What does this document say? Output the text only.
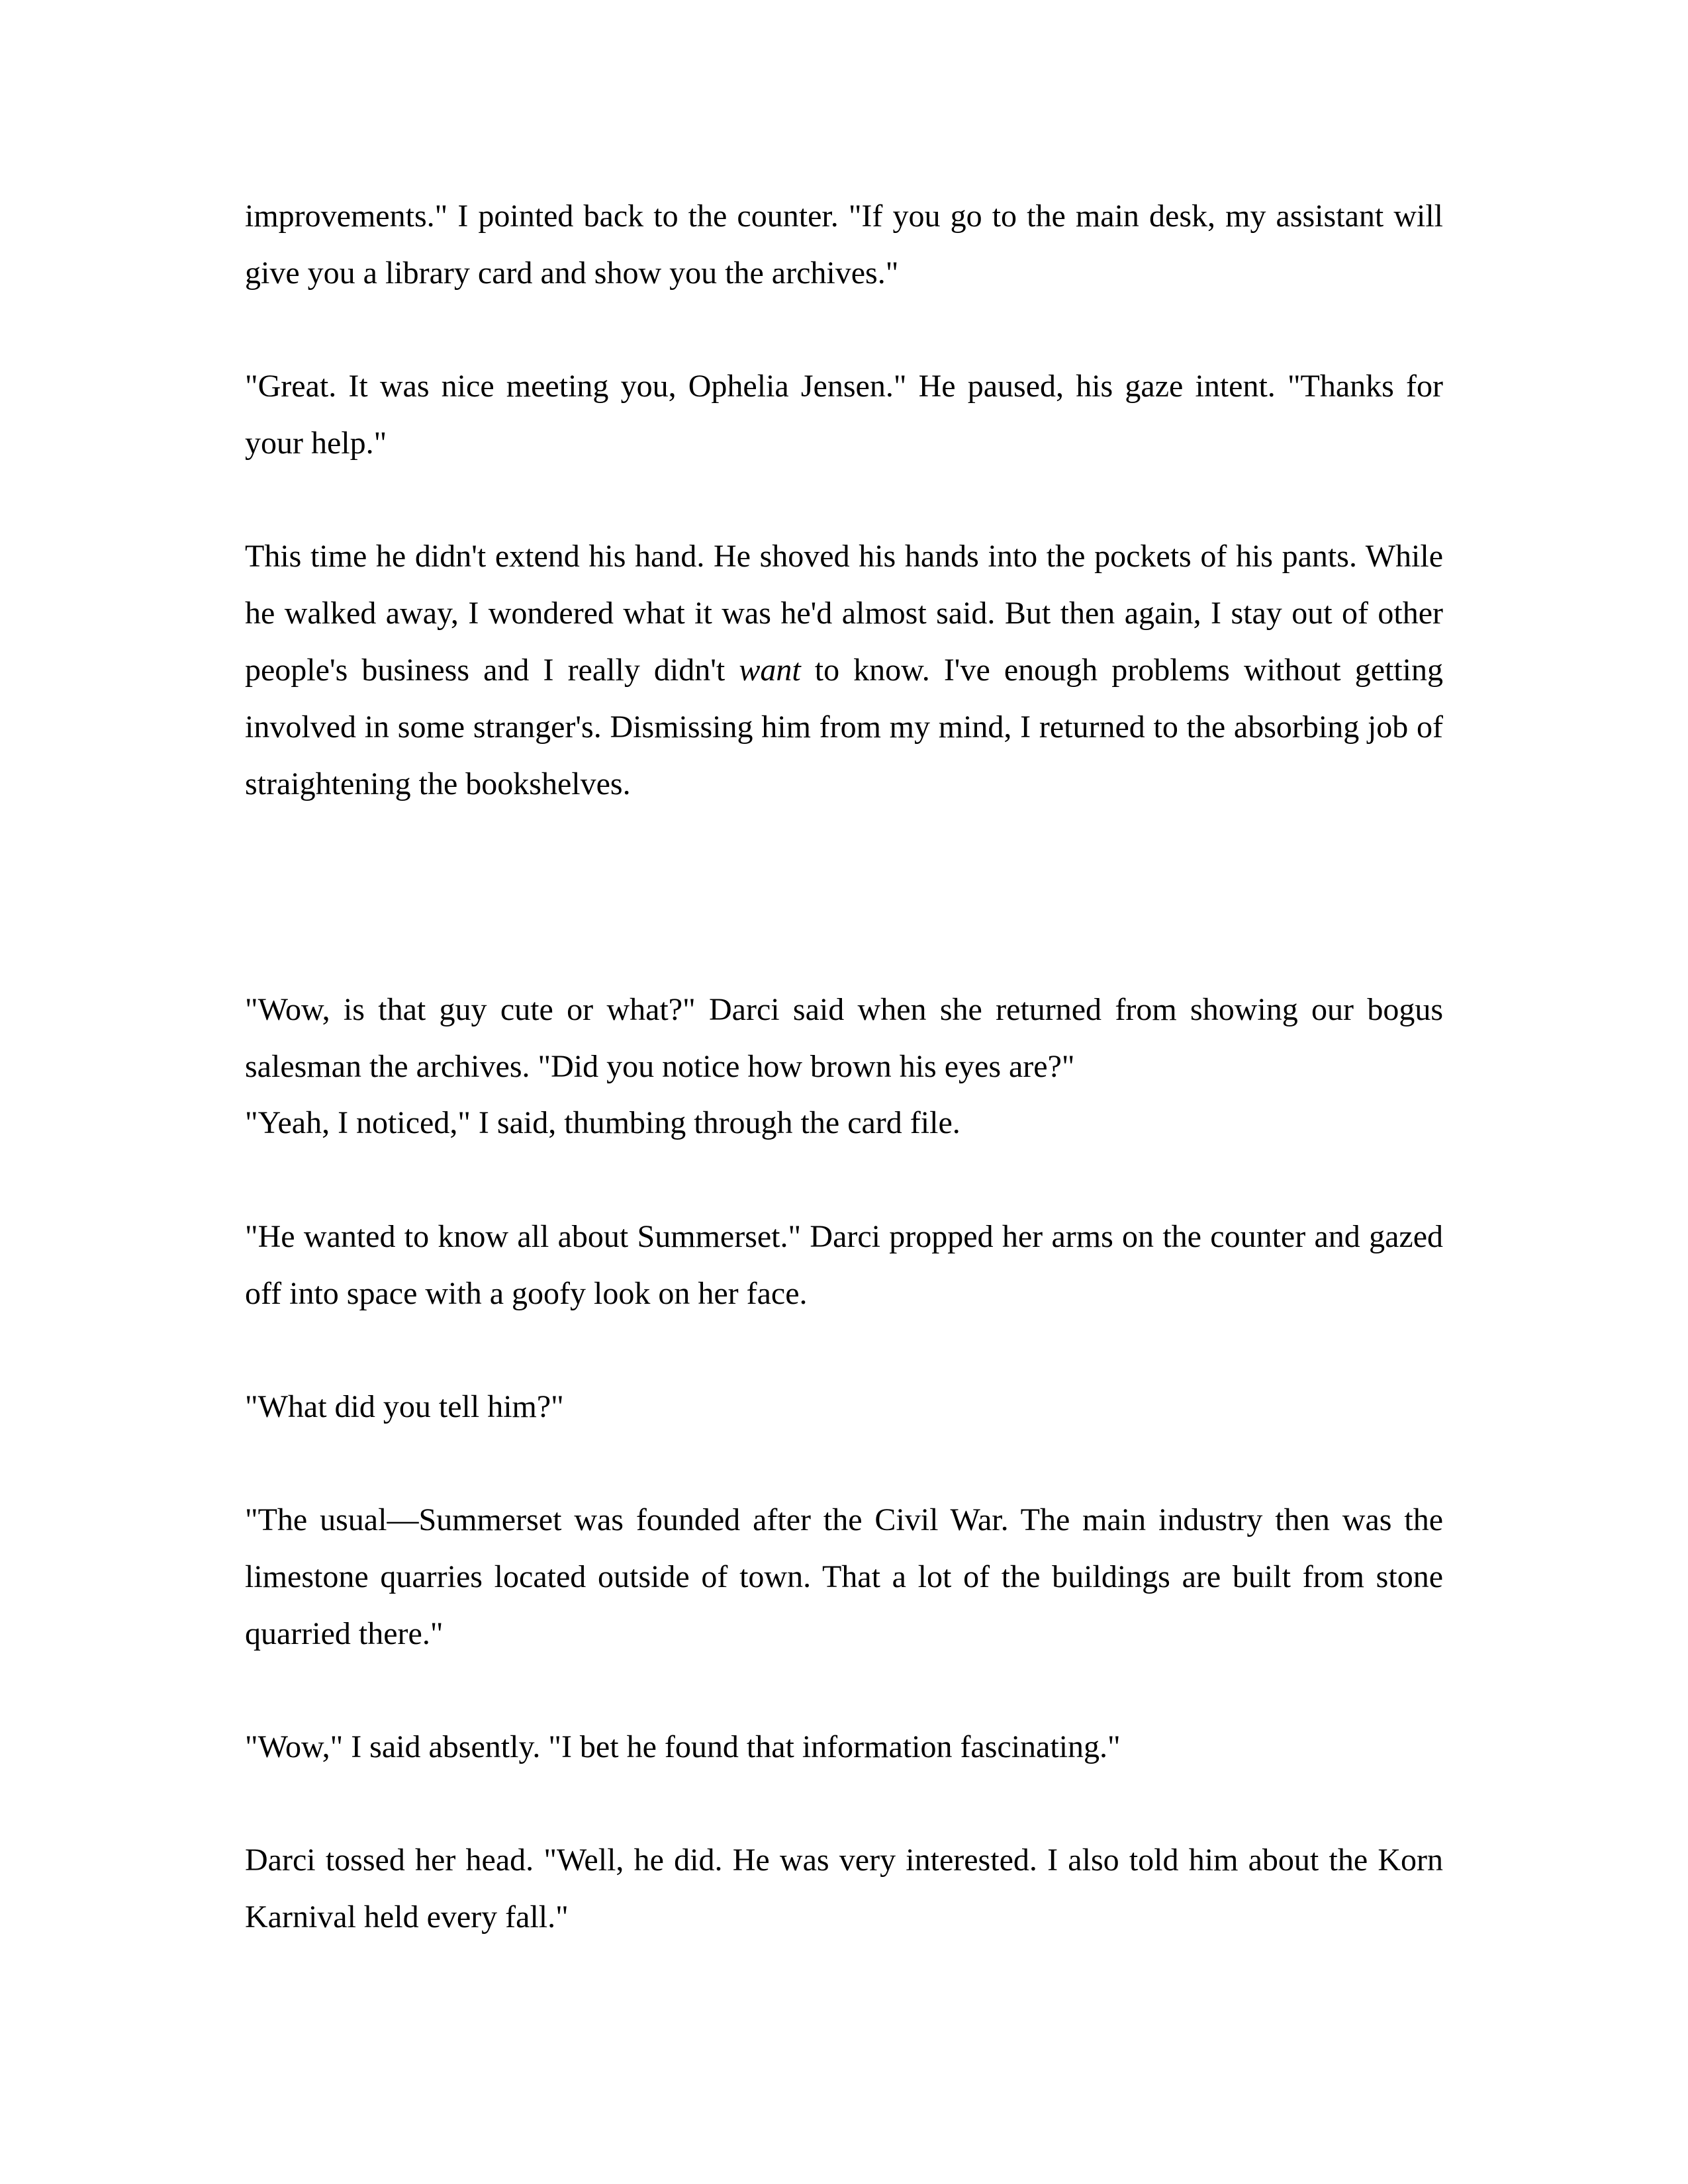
improvements." I pointed back to the counter. "If you go to the main desk, my assistant will give you a library card and show you the archives."

"Great. It was nice meeting you, Ophelia Jensen." He paused, his gaze intent. "Thanks for your help."

This time he didn't extend his hand. He shoved his hands into the pockets of his pants. While he walked away, I wondered what it was he'd almost said. But then again, I stay out of other people's business and I really didn't want to know. I've enough problems without getting involved in some stranger's. Dismissing him from my mind, I returned to the absorbing job of straightening the bookshelves.

"Wow, is that guy cute or what?" Darci said when she returned from showing our bogus salesman the archives. "Did you notice how brown his eyes are?"

"Yeah, I noticed," I said, thumbing through the card file.

"He wanted to know all about Summerset." Darci propped her arms on the counter and gazed off into space with a goofy look on her face.

"What did you tell him?"

"The usual—Summerset was founded after the Civil War. The main industry then was the limestone quarries located outside of town. That a lot of the buildings are built from stone quarried there."

"Wow," I said absently. "I bet he found that information fascinating."

Darci tossed her head. "Well, he did. He was very interested. I also told him about the Korn Karnival held every fall."
